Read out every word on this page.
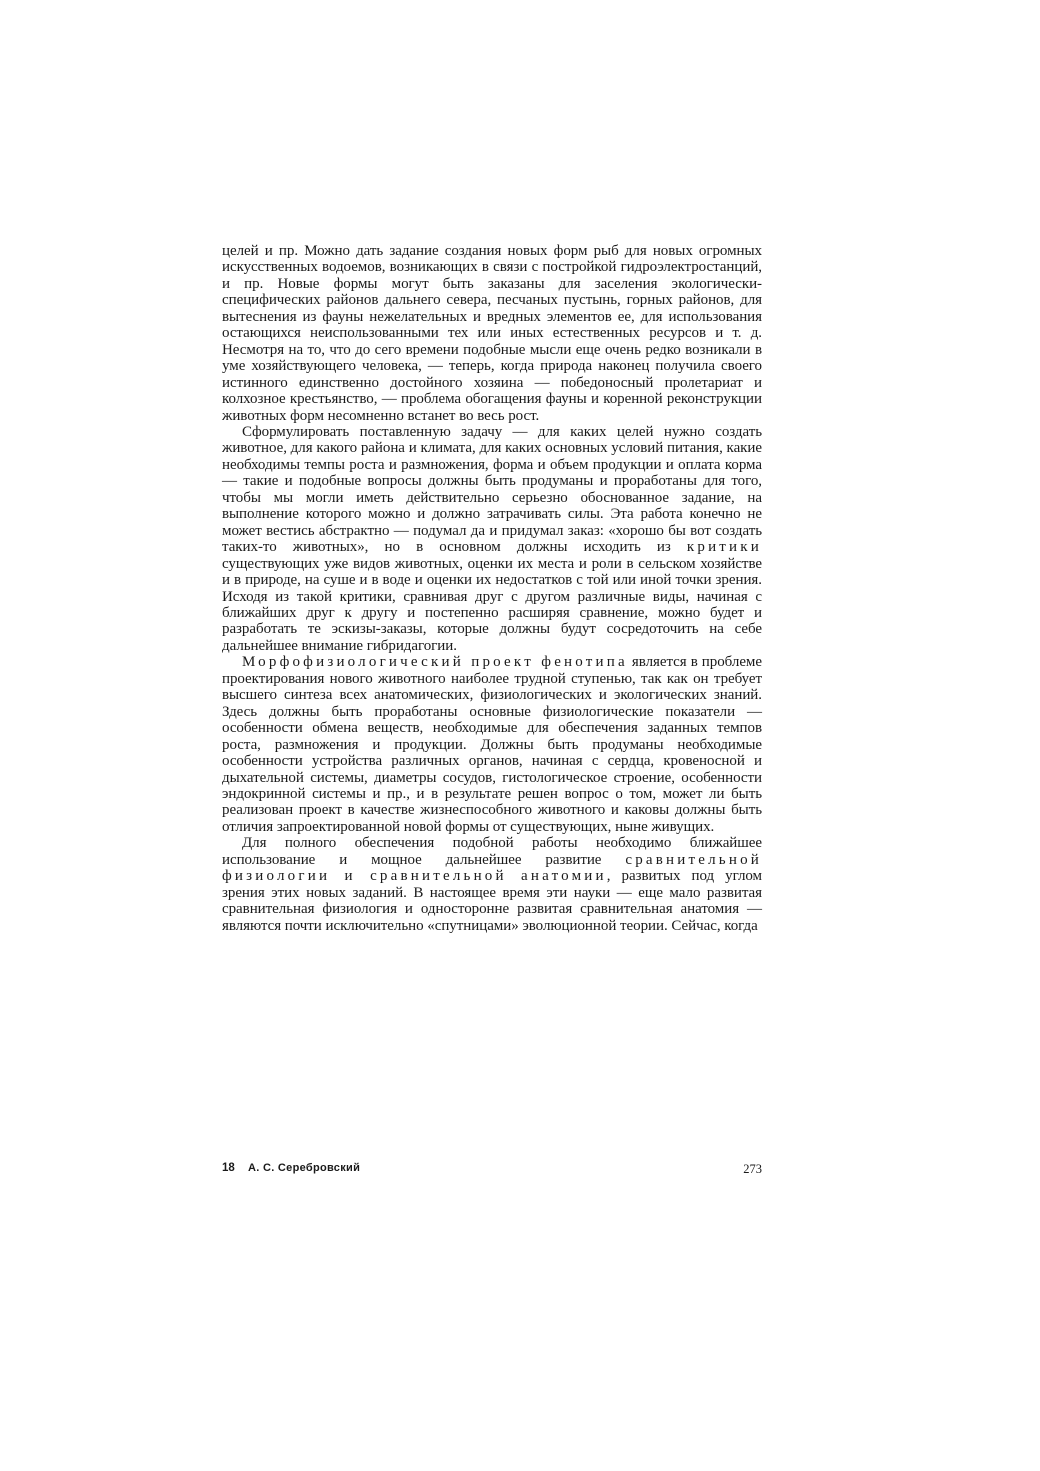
целей и пр. Можно дать задание создания новых форм рыб для новых огромных искусственных водоемов, возникающих в связи с постройкой гидроэлектростанций, и пр. Новые формы могут быть заказаны для заселения экологически-специфических районов дальнего севера, песчаных пустынь, горных районов, для вытеснения из фауны нежелательных и вредных элементов ее, для использования остающихся неиспользованными тех или иных естественных ресурсов и т. д. Несмотря на то, что до сего времени подобные мысли еще очень редко возникали в уме хозяйствующего человека, — теперь, когда природа наконец получила своего истинного единственно достойного хозяина — победоносный пролетариат и колхозное крестьянство, — проблема обогащения фауны и коренной реконструкции животных форм несомненно встанет во весь рост.

Сформулировать поставленную задачу — для каких целей нужно создать животное, для какого района и климата, для каких основных условий питания, какие необходимы темпы роста и размножения, форма и объем продукции и оплата корма — такие и подобные вопросы должны быть продуманы и проработаны для того, чтобы мы могли иметь действительно серьезно обоснованное задание, на выполнение которого можно и должно затрачивать силы. Эта работа конечно не может вестись абстрактно — подумал да и придумал заказ: «хорошо бы вот создать таких-то животных», но в основном должны исходить из критики существующих уже видов животных, оценки их места и роли в сельском хозяйстве и в природе, на суше и в воде и оценки их недостатков с той или иной точки зрения. Исходя из такой критики, сравнивая друг с другом различные виды, начиная с ближайших друг к другу и постепенно расширяя сравнение, можно будет и разработать те эскизы-заказы, которые должны будут сосредоточить на себе дальнейшее внимание гибридагогии.

Морфофизиологический проект фенотипа является в проблеме проектирования нового животного наиболее трудной ступенью, так как он требует высшего синтеза всех анатомических, физиологических и экологических знаний. Здесь должны быть проработаны основные физиологические показатели — особенности обмена веществ, необходимые для обеспечения заданных темпов роста, размножения и продукции. Должны быть продуманы необходимые особенности устройства различных органов, начиная с сердца, кровеносной и дыхательной системы, диаметры сосудов, гистологическое строение, особенности эндокринной системы и пр., и в результате решен вопрос о том, может ли быть реализован проект в качестве жизнеспособного животного и каковы должны быть отличия запроектированной новой формы от существующих, ныне живущих.

Для полного обеспечения подобной работы необходимо ближайшее использование и мощное дальнейшее развитие сравнительной физиологии и сравнительной анатомии, развитых под углом зрения этих новых заданий. В настоящее время эти науки — еще мало развитая сравнительная физиология и односторонне развитая сравнительная анатомия — являются почти исключительно «спутницами» эволюционной теории. Сейчас, когда

18 А. С. Серебровский	273
